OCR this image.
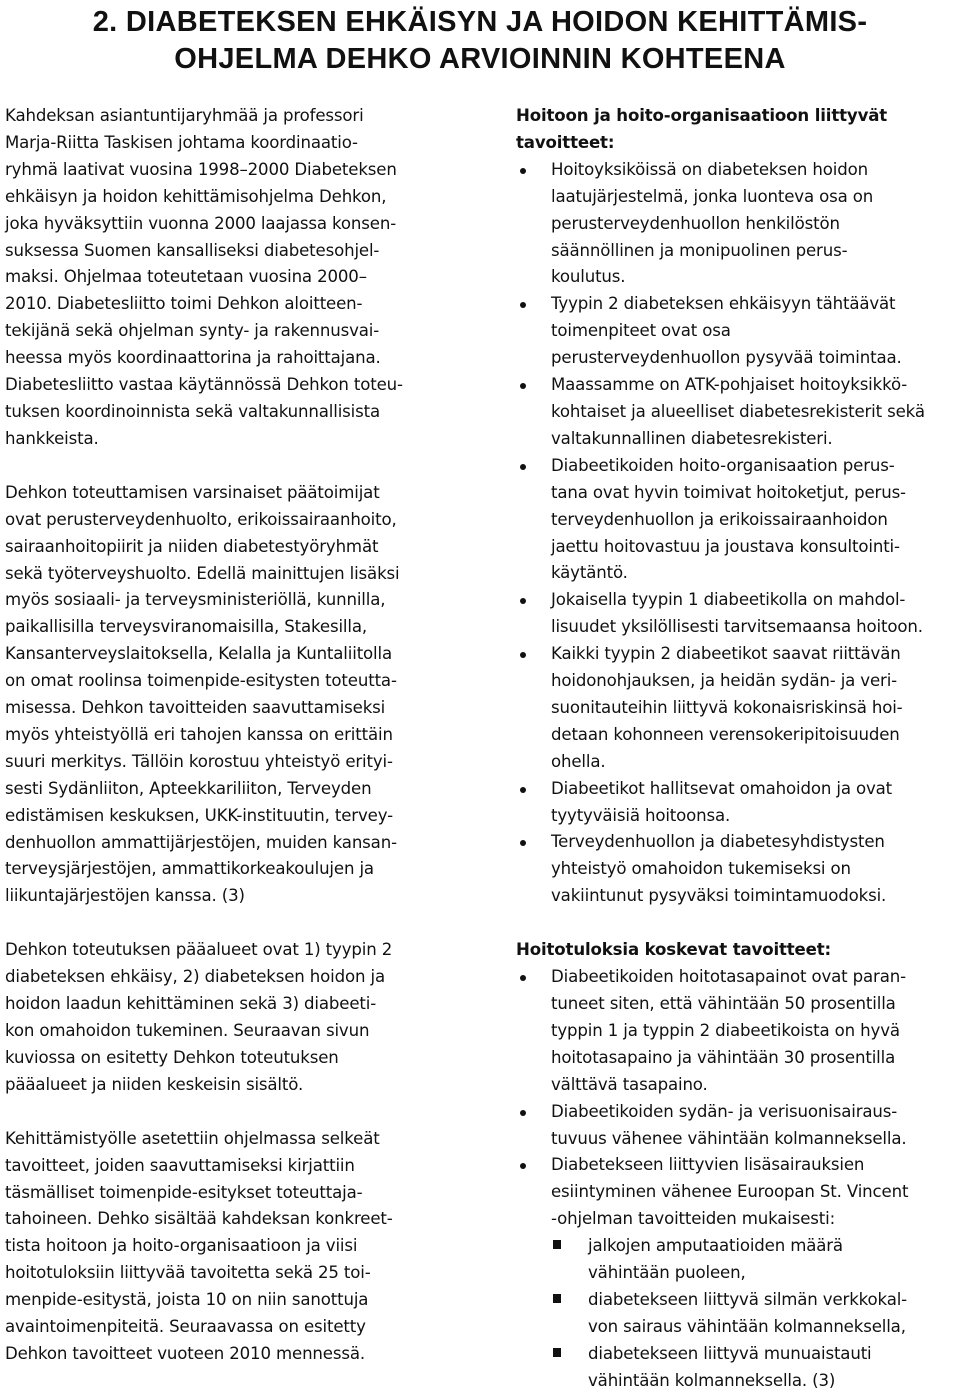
2. DIABETEKSEN EHKÄISYN JA HOIDON KEHITTÄMIS-
OHJELMA DEHKO ARVIOINNIN KOHTEENA

Kahdeksan asiantuntijaryhmää ja professori
Marja-Riitta Taskisen johtama koordinaatio-
ryhmä laativat vuosina 1998–2000 Diabeteksen
ehkäisyn ja hoidon kehittämisohjelma Dehkon,
joka hyväksyttiin vuonna 2000 laajassa konsen-
suksessa Suomen kansalliseksi diabetesohjel-
maksi. Ohjelmaa toteutetaan vuosina 2000–
2010. Diabetesliitto toimi Dehkon aloitteen-
tekijänä sekä ohjelman synty- ja rakennusvai-
heessa myös koordinaattorina ja rahoittajana.
Diabetesliitto vastaa käytännössä Dehkon toteu-
tuksen koordinoinnista sekä valtakunnallisista
hankkeista.

Dehkon toteuttamisen varsinaiset päätoimijat
ovat perusterveydenhuolto, erikoissairaanhoito,
sairaanhoitopiirit ja niiden diabetestyöryhmät
sekä työterveyshuolto. Edellä mainittujen lisäksi
myös sosiaali- ja terveysministeriöllä, kunnilla,
paikallisilla terveysviranomaisilla, Stakesilla,
Kansanterveyslaitoksella, Kelalla ja Kuntaliitolla
on omat roolinsa toimenpide-esitysten toteutta-
misessa. Dehkon tavoitteiden saavuttamiseksi
myös yhteistyöllä eri tahojen kanssa on erittäin
suuri merkitys. Tällöin korostuu yhteistyö erityi-
sesti Sydänliiton, Apteekkariliiton, Terveyden
edistämisen keskuksen, UKK-instituutin, tervey-
denhuollon ammattijärjestöjen, muiden kansan-
terveysjärjestöjen, ammattikorkeakoulujen ja
liikuntajärjestöjen kanssa. (3)

Dehkon toteutuksen pääalueet ovat 1) tyypin 2
diabeteksen ehkäisy, 2) diabeteksen hoidon ja
hoidon laadun kehittäminen sekä 3) diabeeti-
kon omahoidon tukeminen. Seuraavan sivun
kuviossa on esitetty Dehkon toteutuksen
pääalueet ja niiden keskeisin sisältö.

Kehittämistyölle asetettiin ohjelmassa selkeät
tavoitteet, joiden saavuttamiseksi kirjattiin
täsmälliset toimenpide-esitykset toteuttaja-
tahoineen. Dehko sisältää kahdeksan konkreet-
tista hoitoon ja hoito-organisaatioon ja viisi
hoitotuloksiin liittyvää tavoitetta sekä 25 toi-
menpide-esitystä, joista 10 on niin sanottuja
avaintoimenpiteitä. Seuraavassa on esitetty
Dehkon tavoitteet vuoteen 2010 mennessä.

Hoitoon ja hoito-organisaatioon liittyvät
tavoitteet:

Hoitoyksiköissä on diabeteksen hoidon
laatujärjestelmä, jonka luonteva osa on
perusterveydenhuollon henkilöstön
säännöllinen ja monipuolinen perus-
koulutus.
Tyypin 2 diabeteksen ehkäisyyn tähtäävät
toimenpiteet ovat osa
perusterveydenhuollon pysyvää toimintaa.
Maassamme on ATK-pohjaiset hoitoyksikkö-
kohtaiset ja alueelliset diabetesrekisterit sekä
valtakunnallinen diabetesrekisteri.
Diabeetikoiden hoito-organisaation perus-
tana ovat hyvin toimivat hoitoketjut, perus-
terveydenhuollon ja erikoissairaanhoidon
jaettu hoitovastuu ja joustava konsultointi-
käytäntö.
Jokaisella tyypin 1 diabeetikolla on mahdol-
lisuudet yksilöllisesti tarvitsemaansa hoitoon.
Kaikki tyypin 2 diabeetikot saavat riittävän
hoidonohjauksen, ja heidän sydän- ja veri-
suonitauteihin liittyvä kokonaisriskinsä hoi-
detaan kohonneen verensokeripitoisuuden
ohella.
Diabeetikot hallitsevat omahoidon ja ovat
tyytyväisiä hoitoonsa.
Terveydenhuollon ja diabetesyhdistysten
yhteistyö omahoidon tukemiseksi on
vakiintunut pysyväksi toimintamuodoksi.

Hoitotuloksia koskevat tavoitteet:

Diabeetikoiden hoitotasapainot ovat paran-
tuneet siten, että vähintään 50 prosentilla
typpin 1 ja typpin 2 diabeetikoista on hyvä
hoitotasapaino ja vähintään 30 prosentilla
välttävä tasapaino.
Diabeetikoiden sydän- ja verisuonisairaus-
tuvuus vähenee vähintään kolmanneksella.
Diabetekseen liittyvien lisäsairauksien
esiintyminen vähenee Euroopan St. Vincent
-ohjelman tavoitteiden mukaisesti:
jalkojen amputaatioiden määrä
vähintään puoleen,
diabetekseen liittyvä silmän verkkokal-
von sairaus vähintään kolmanneksella,
diabetekseen liittyvä munuaistauti
vähintään kolmanneksella. (3)
